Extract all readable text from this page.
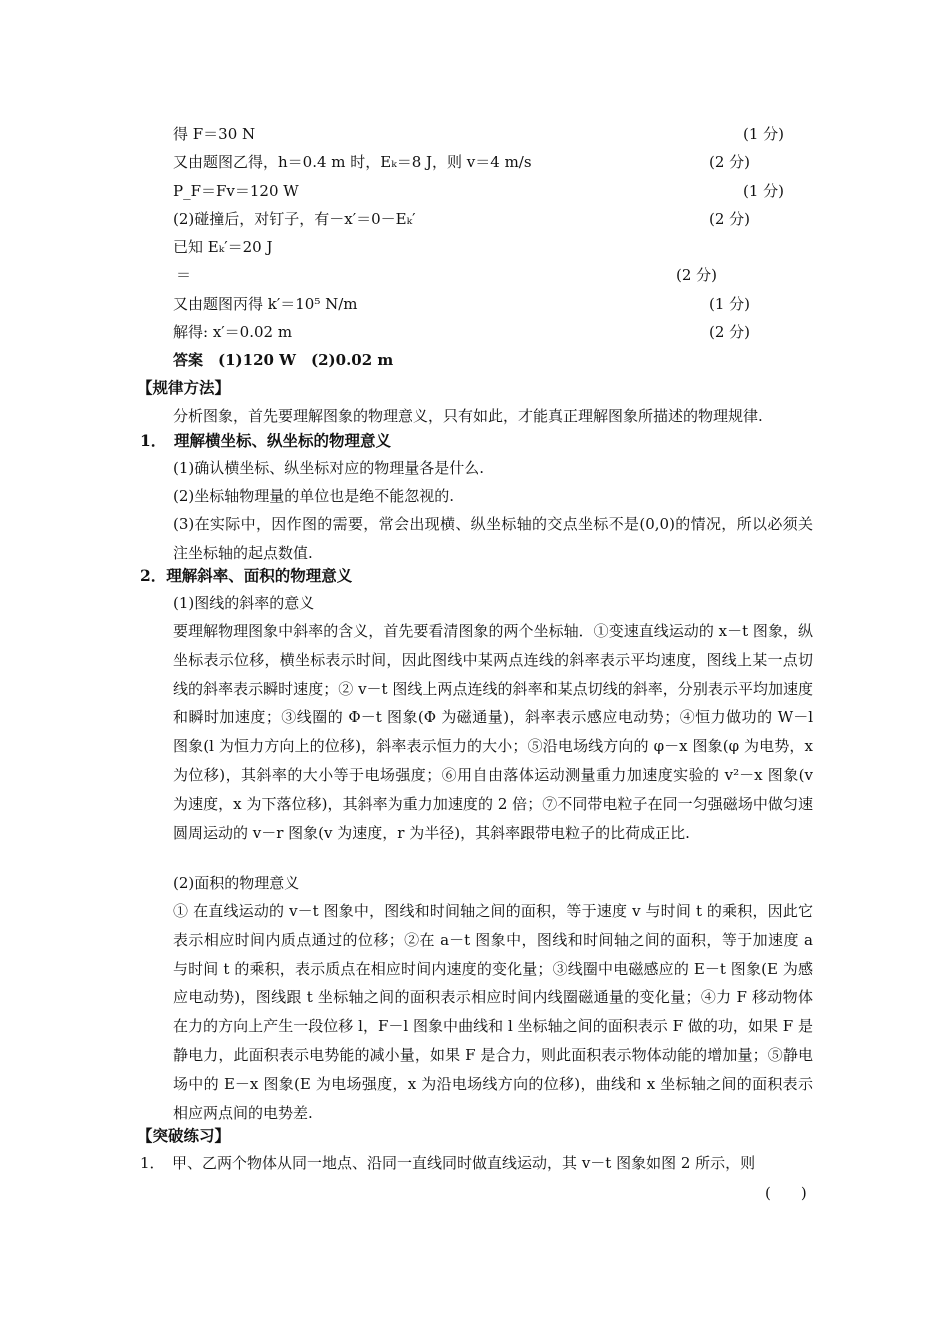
得 F＝30 N	(1 分)
又由题图乙得，h＝0.4 m 时，Eₖ＝8 J，则 v＝4 m/s	(2 分)
P_F＝Fv＝120 W	(1 分)
(2)碰撞后，对钉子，有－x′＝0－Eₖ′	(2 分)
已知 Eₖ′＝20 J
＝	(2 分)
又由题图丙得 k′＝10⁵ N/m	(1 分)
解得: x′＝0.02 m	(2 分)
答案　(1)120 W　(2)0.02 m
【规律方法】
分析图象，首先要理解图象的物理意义，只有如此，才能真正理解图象所描述的物理规律.
1．　理解横坐标、纵坐标的物理意义
(1)确认横坐标、纵坐标对应的物理量各是什么.
(2)坐标轴物理量的单位也是绝不能忽视的.
(3)在实际中，因作图的需要，常会出现横、纵坐标轴的交点坐标不是(0,0)的情况，所以必须关注坐标轴的起点数值.
2．理解斜率、面积的物理意义
(1)图线的斜率的意义
要理解物理图象中斜率的含义，首先要看清图象的两个坐标轴．①变速直线运动的 x－t 图象，纵坐标表示位移，横坐标表示时间，因此图线中某两点连线的斜率表示平均速度，图线上某一点切线的斜率表示瞬时速度；② v－t 图线上两点连线的斜率和某点切线的斜率，分别表示平均加速度和瞬时加速度；③线圈的 Φ－t 图象(Φ 为磁通量)，斜率表示感应电动势；④恒力做功的 W－l 图象(l 为恒力方向上的位移)，斜率表示恒力的大小；⑤沿电场线方向的 φ－x 图象(φ 为电势，x 为位移)，其斜率的大小等于电场强度；⑥用自由落体运动测量重力加速度实验的 v²－x 图象(v 为速度，x 为下落位移)，其斜率为重力加速度的 2 倍；⑦不同带电粒子在同一匀强磁场中做匀速圆周运动的 v－r 图象(v 为速度，r 为半径)，其斜率跟带电粒子的比荷成正比.
(2)面积的物理意义
① 在直线运动的 v－t 图象中，图线和时间轴之间的面积，等于速度 v 与时间 t 的乘积，因此它表示相应时间内质点通过的位移；②在 a－t 图象中，图线和时间轴之间的面积，等于加速度 a 与时间 t 的乘积，表示质点在相应时间内速度的变化量；③线圈中电磁感应的 E－t 图象(E 为感应电动势)，图线跟 t 坐标轴之间的面积表示相应时间内线圈磁通量的变化量；④力 F 移动物体在力的方向上产生一段位移 l，F－l 图象中曲线和 l 坐标轴之间的面积表示 F 做的功，如果 F 是静电力，此面积表示电势能的减小量，如果 F 是合力，则此面积表示物体动能的增加量；⑤静电场中的 E－x 图象(E 为电场强度，x 为沿电场线方向的位移)，曲线和 x 坐标轴之间的面积表示相应两点间的电势差.
【突破练习】
1．　甲、乙两个物体从同一地点、沿同一直线同时做直线运动，其 v－t 图象如图 2 所示，则
(　　)
